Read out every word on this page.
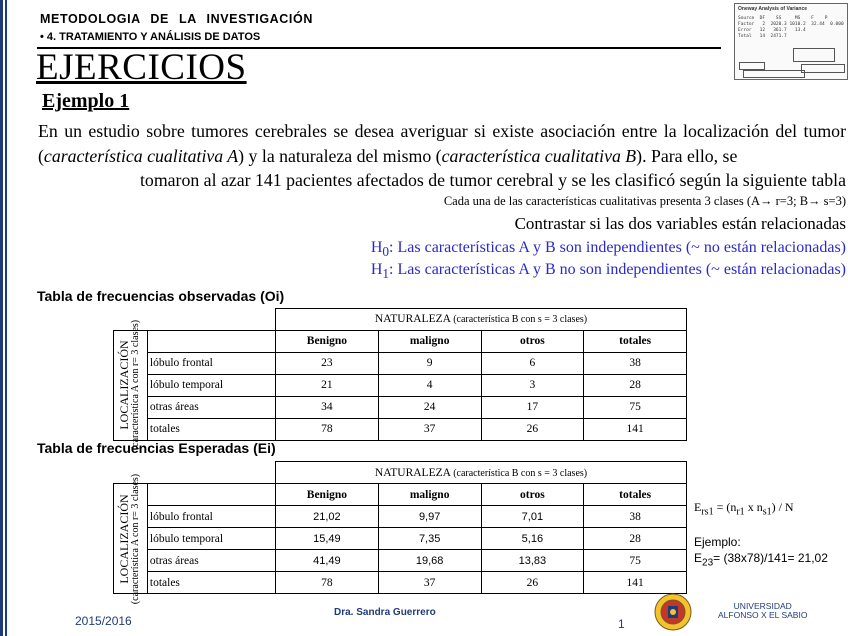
METODOLOGIA DE LA INVESTIGACIÓN
• 4. TRATAMIENTO Y ANÁLISIS DE DATOS
Oneway Analysis of Variance
Source  DF    SS     MS    F    P
Factor   2  2020.3 1010.2  32.44  0.000
Error   12   361.7   13.4
Total   14  2471.7
EJERCICIOS
Ejemplo 1
En un estudio sobre tumores cerebrales se desea averiguar si existe asociación entre la localización del tumor (característica cualitativa A) y la naturaleza del mismo (característica cualitativa B). Para ello, se
tomaron al azar 141 pacientes afectados de tumor cerebral y se les clasificó según la siguiente tabla
Cada una de las características cualitativas presenta 3 clases (A→ r=3; B→ s=3)
Contrastar si las dos variables están relacionadas
$H_0$: Las características A y B son independientes (~ no están relacionadas)
$H_1$: Las características A y B no son independientes (~ están relacionadas)
Tabla de frecuencias observadas (Oi)
		NATURALEZA (característica B con s = 3 clases)			

LOCALIZACIÓN (característica A con r= 3 clases)		Benigno	maligno	otros	totales
	lóbulo frontal	23	9	6	38
	lóbulo temporal	21	4	3	28
	otras áreas	34	24	17	75
	totales	78	37	26	141
Tabla de frecuencias Esperadas (Ei)
		NATURALEZA (característica B con s = 3 clases)			

LOCALIZACIÓN (característica A con r= 3 clases)		Benigno	maligno	otros	totales
	lóbulo frontal	21,02	9,97	7,01	38
	lóbulo temporal	15,49	7,35	5,16	28
	otras áreas	41,49	19,68	13,83	75
	totales	78	37	26	141
$E_{rs1} = (n_{r1}$ x $n_{s1}$) / N
Ejemplo:
$E_{23}= (38x78)/141= 21,02$
2015/2016
Dra. Sandra Guerrero
1
UNIVERSIDAD
ALFONSO X EL SABIO
